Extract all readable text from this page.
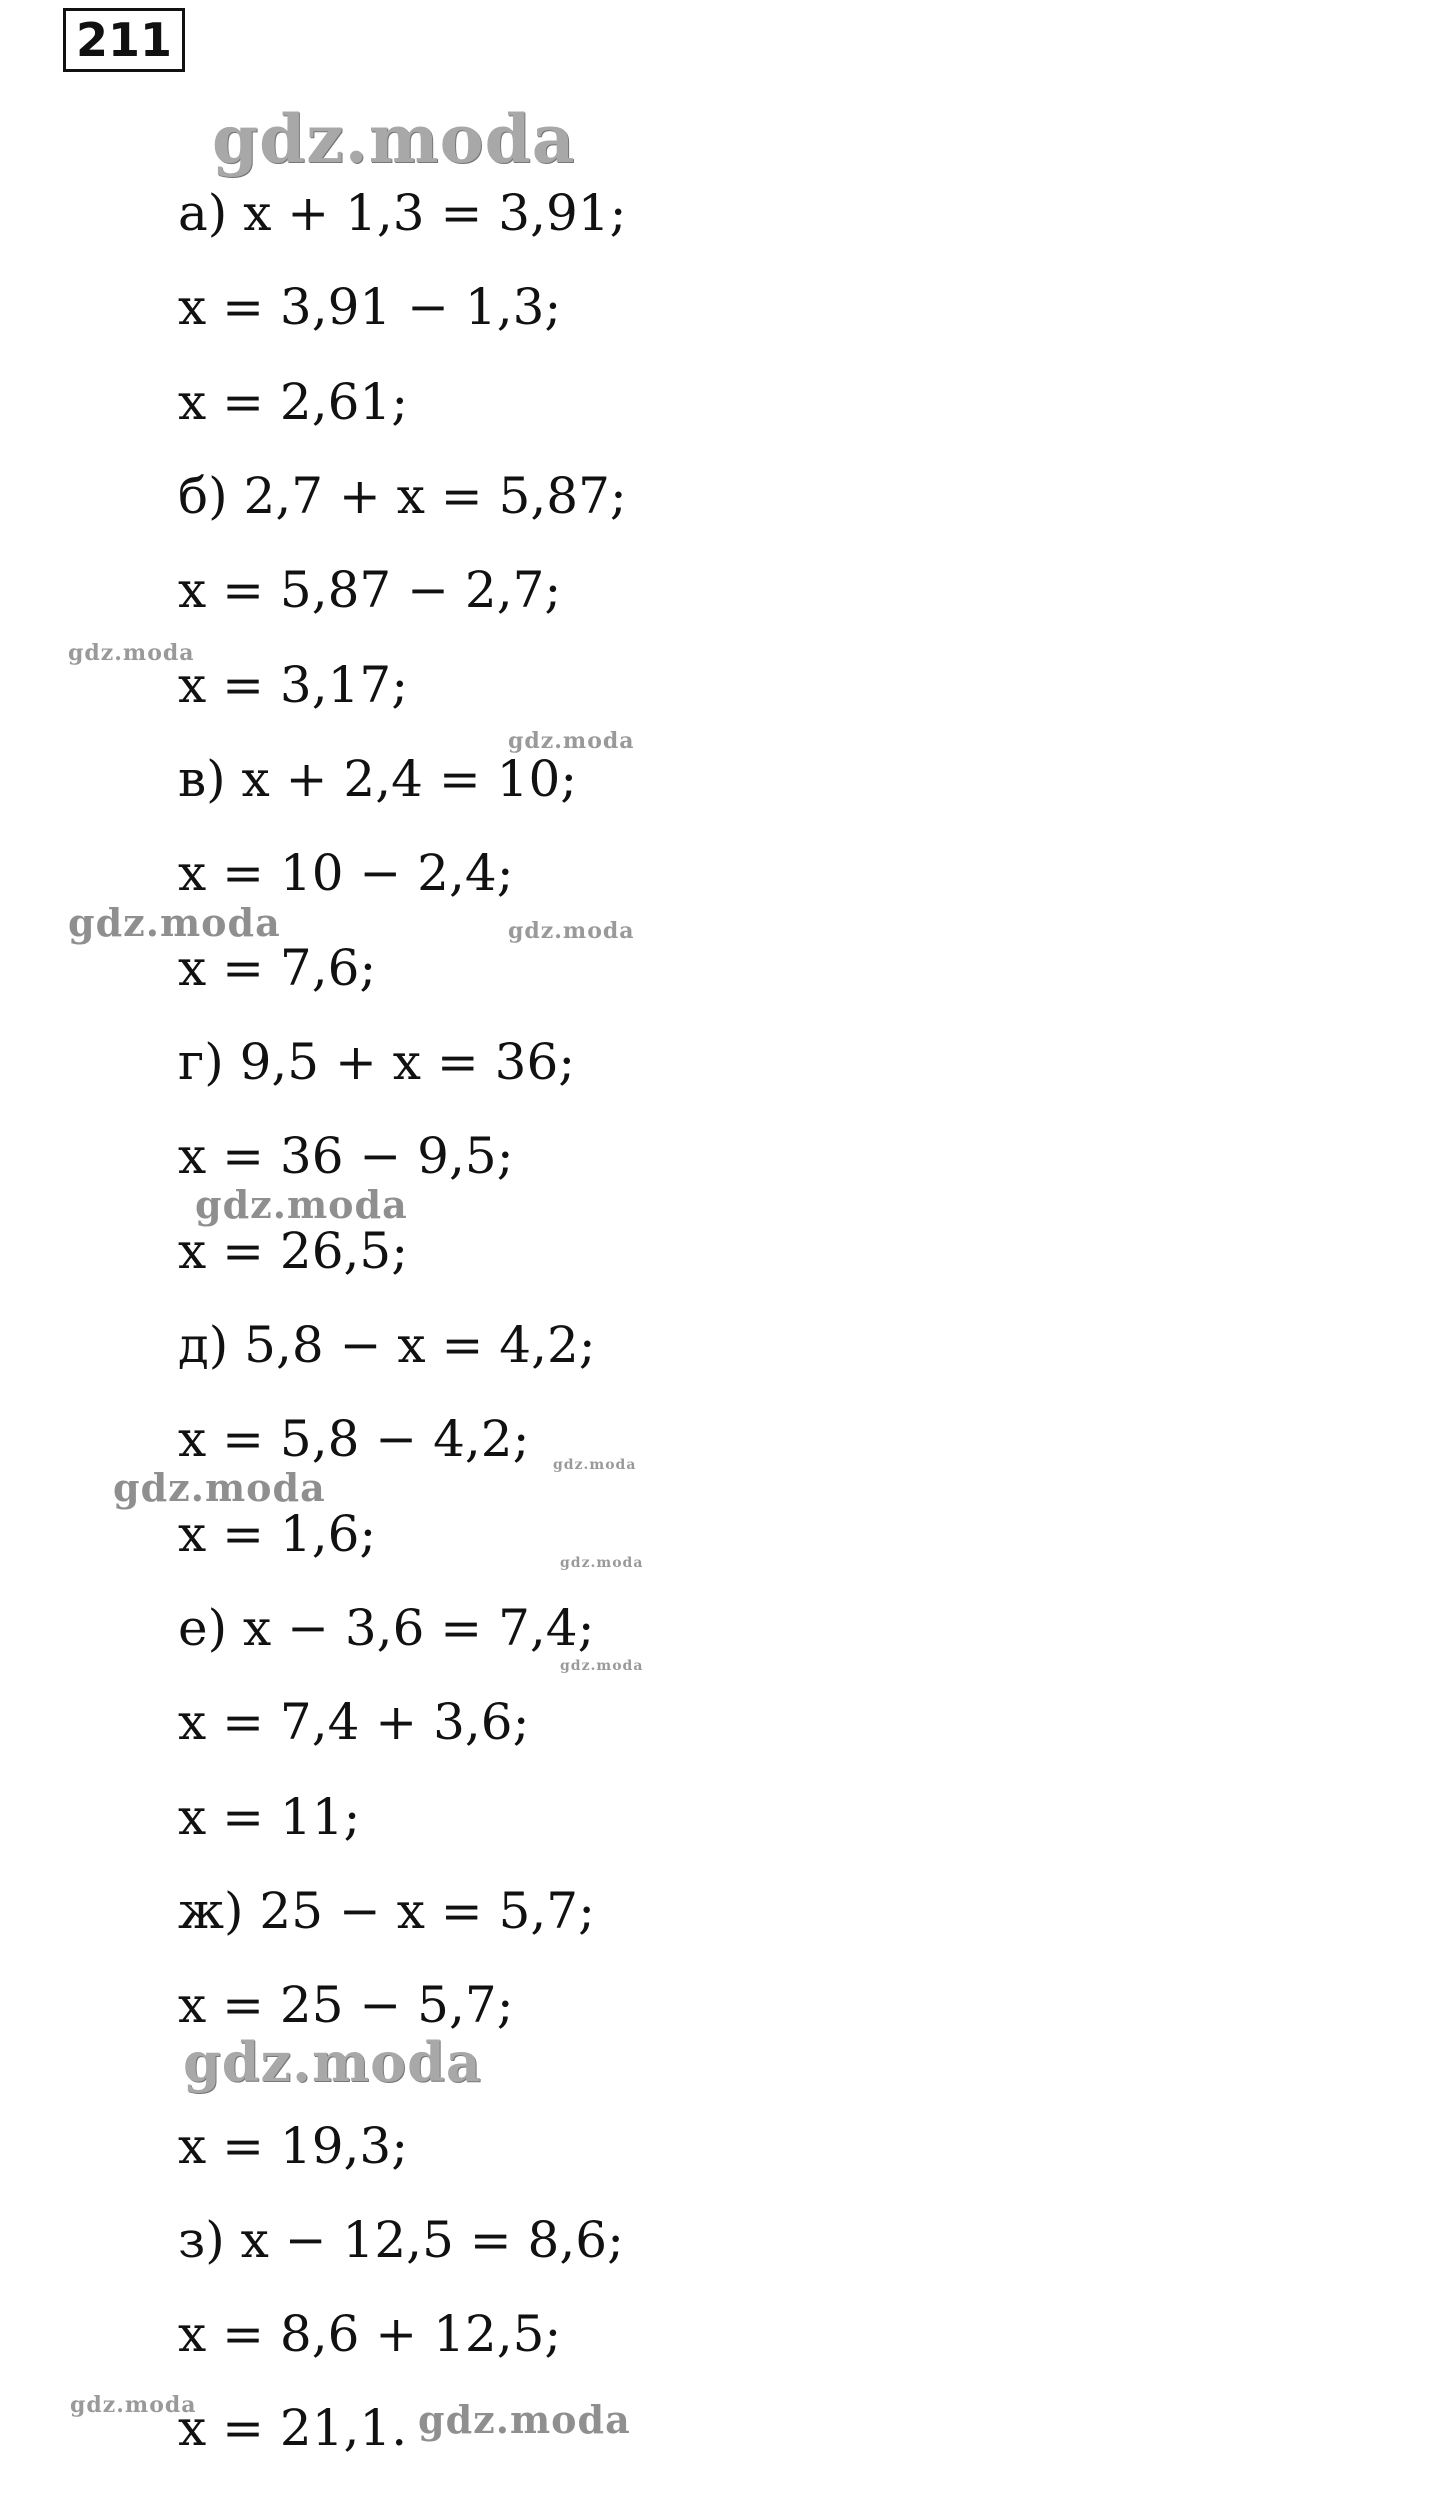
211
а) x + 1,3 = 3,91;
x = 3,91 − 1,3;
x = 2,61;
б) 2,7 + x = 5,87;
x = 5,87 − 2,7;
x = 3,17;
в) x + 2,4 = 10;
x = 10 − 2,4;
x = 7,6;
г) 9,5 + x = 36;
x = 36 − 9,5;
x = 26,5;
д) 5,8 − x = 4,2;
x = 5,8 − 4,2;
x = 1,6;
е) x − 3,6 = 7,4;
x = 7,4 + 3,6;
x = 11;
ж) 25 − x = 5,7;
x = 25 − 5,7;
x = 19,3;
з) x − 12,5 = 8,6;
x = 8,6 + 12,5;
x = 21,1.
gdz.moda
gdz.moda
gdz.moda
gdz.moda	gdz.moda
gdz.moda
gdz.moda
gdz.moda
gdz.moda
gdz.moda
gdz.moda
gdz.moda	gdz.moda
